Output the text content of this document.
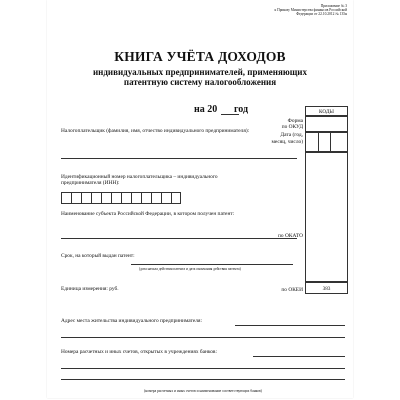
Приложение № 3
к Приказу Министерства финансов Российской
Федерации от 22.10.2012 № 135н
КНИГА УЧЁТА ДОХОДОВ
индивидуальных предпринимателей, применяющих
патентную систему налогообложения
на 20 год	КОДЫ
383
Форма
по ОКУД
Дата (год,
месяц, число)
по ОКАТО
по ОКЕИ
Налогоплательщик (фамилия, имя, отчество индивидуального предпринимателя):
Идентификационный номер налогоплательщика – индивидуального предпринимателя (ИНН):
Наименование субъекта Российской Федерации, в котором получен патент:
Срок, на который выдан патент:
(дата начала действия патента и дата окончания действия патента)
Единица измерения: руб.
Адрес места жительства индивидуального предпринимателя:
Номера расчетных и иных счетов, открытых в учреждениях банков:
(номера расчетных и иных счетов и наименование соответствующих банков)
